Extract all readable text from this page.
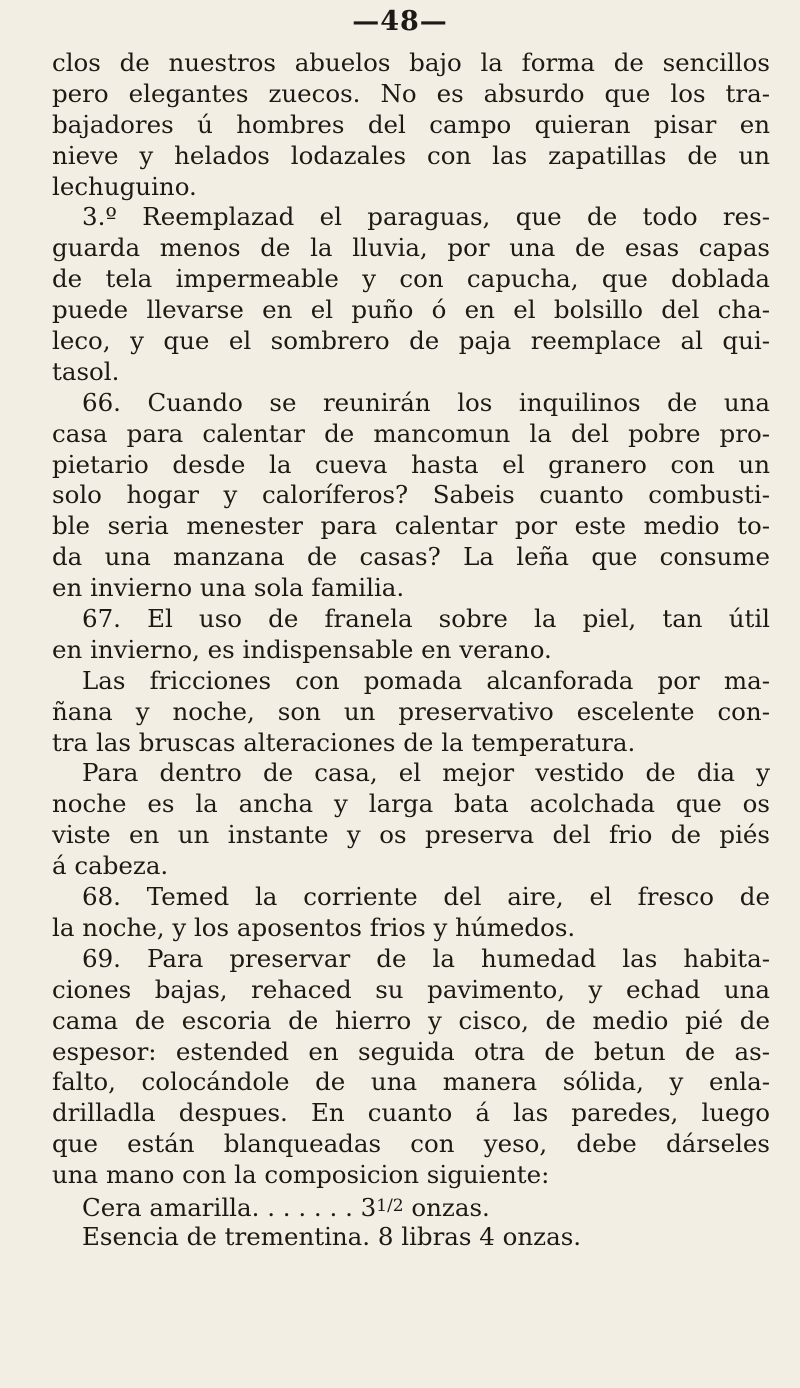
—48—
clos de nuestros abuelos bajo la forma de sencillos
pero elegantes zuecos. No es absurdo que los tra-
bajadores ú hombres del campo quieran pisar en
nieve y helados lodazales con las zapatillas de un
lechuguino.
3.º Reemplazad el paraguas, que de todo res-
guarda menos de la lluvia, por una de esas capas
de tela impermeable y con capucha, que doblada
puede llevarse en el puño ó en el bolsillo del cha-
leco, y que el sombrero de paja reemplace al qui-
tasol.
66. Cuando se reunirán los inquilinos de una
casa para calentar de mancomun la del pobre pro-
pietario desde la cueva hasta el granero con un
solo hogar y caloríferos? Sabeis cuanto combusti-
ble seria menester para calentar por este medio to-
da una manzana de casas? La leña que consume
en invierno una sola familia.
67. El uso de franela sobre la piel, tan útil
en invierno, es indispensable en verano.
Las fricciones con pomada alcanforada por ma-
ñana y noche, son un preservativo escelente con-
tra las bruscas alteraciones de la temperatura.
Para dentro de casa, el mejor vestido de dia y
noche es la ancha y larga bata acolchada que os
viste en un instante y os preserva del frio de piés
á cabeza.
68. Temed la corriente del aire, el fresco de
la noche, y los aposentos frios y húmedos.
69. Para preservar de la humedad las habita-
ciones bajas, rehaced su pavimento, y echad una
cama de escoria de hierro y cisco, de medio pié de
espesor: estended en seguida otra de betun de as-
falto, colocándole de una manera sólida, y enla-
drilladla despues. En cuanto á las paredes, luego
que están blanqueadas con yeso, debe dárseles
una mano con la composicion siguiente:
Cera amarilla. . . . . . . $3^{1/2}$ onzas.
Esencia de trementina. 8 libras 4 onzas.
